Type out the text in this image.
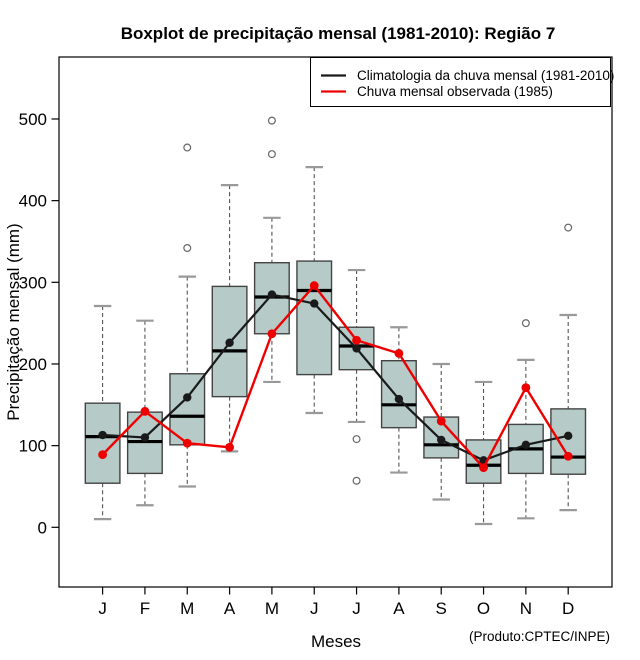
Boxplot de precipitação mensal (1981-2010): Região 7
Precipitação mensal (mm)
Meses	(Produto:CPTEC/INPE)
0
100
200
300
400
500
J F M A M J J A S O N D
Climatologia da chuva mensal (1981-2010)
Chuva mensal observada (1985)
